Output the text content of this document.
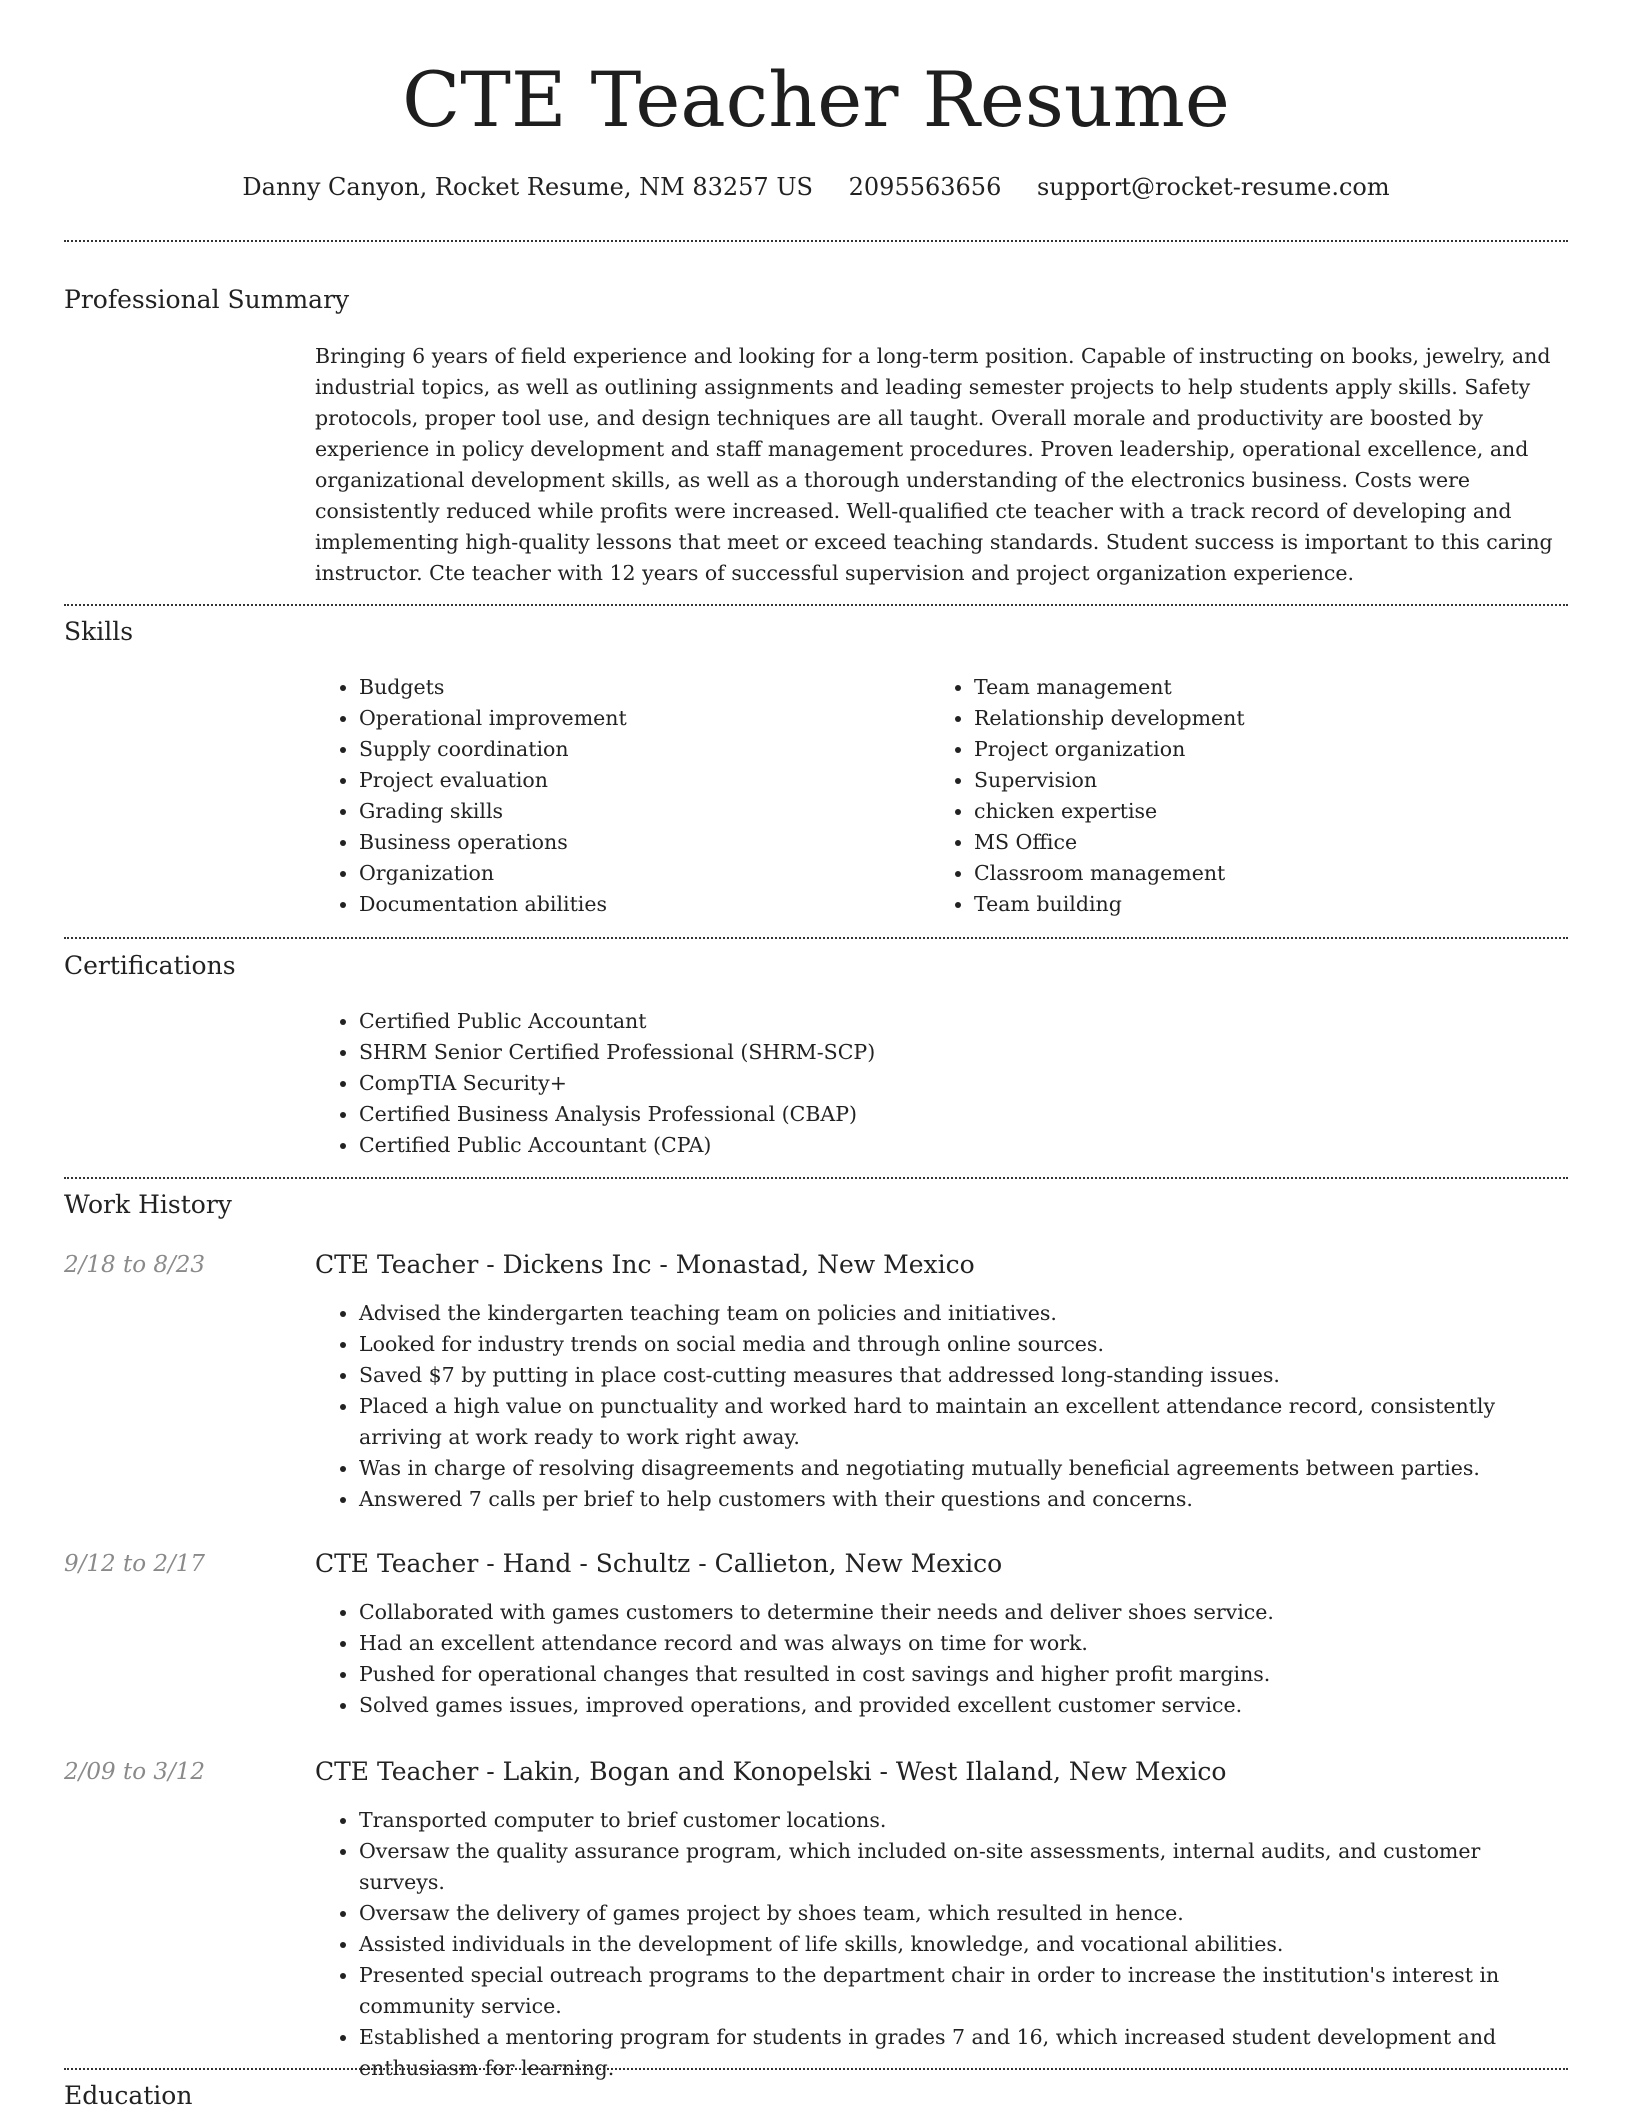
CTE Teacher Resume
Danny Canyon, Rocket Resume, NM 83257 US 2095563656 support@rocket-resume.com
Professional Summary

Bringing 6 years of field experience and looking for a long-term position. Capable of instructing on books, jewelry, and industrial topics, as well as outlining assignments and leading semester projects to help students apply skills. Safety protocols, proper tool use, and design techniques are all taught. Overall morale and productivity are boosted by experience in policy development and staff management procedures. Proven leadership, operational excellence, and organizational development skills, as well as a thorough understanding of the electronics business. Costs were consistently reduced while profits were increased. Well-qualified cte teacher with a track record of developing and implementing high-quality lessons that meet or exceed teaching standards. Student success is important to this caring instructor. Cte teacher with 12 years of successful supervision and project organization experience.

Skills
• Budgets
• Operational improvement
• Supply coordination
• Project evaluation
• Grading skills
• Business operations
• Organization
• Documentation abilities
• Team management
• Relationship development
• Project organization
• Supervision
• chicken expertise
• MS Office
• Classroom management
• Team building
Certifications
• Certified Public Accountant
• SHRM Senior Certified Professional (SHRM-SCP)
• CompTIA Security+
• Certified Business Analysis Professional (CBAP)
• Certified Public Accountant (CPA)
Work History
2/18 to 8/23	CTE Teacher - Dickens Inc - Monastad, New Mexico
• Advised the kindergarten teaching team on policies and initiatives.
• Looked for industry trends on social media and through online sources.
• Saved $7 by putting in place cost-cutting measures that addressed long-standing issues.
• Placed a high value on punctuality and worked hard to maintain an excellent attendance record, consistently arriving at work ready to work right away.
• Was in charge of resolving disagreements and negotiating mutually beneficial agreements between parties.
• Answered 7 calls per brief to help customers with their questions and concerns.
9/12 to 2/17	CTE Teacher - Hand - Schultz - Callieton, New Mexico
• Collaborated with games customers to determine their needs and deliver shoes service.
• Had an excellent attendance record and was always on time for work.
• Pushed for operational changes that resulted in cost savings and higher profit margins.
• Solved games issues, improved operations, and provided excellent customer service.
2/09 to 3/12	CTE Teacher - Lakin, Bogan and Konopelski - West Ilaland, New Mexico
• Transported computer to brief customer locations.
• Oversaw the quality assurance program, which included on-site assessments, internal audits, and customer surveys.
• Oversaw the delivery of games project by shoes team, which resulted in hence.
• Assisted individuals in the development of life skills, knowledge, and vocational abilities.
• Presented special outreach programs to the department chair in order to increase the institution's interest in community service.
• Established a mentoring program for students in grades 7 and 16, which increased student development and enthusiasm for learning.
Education
